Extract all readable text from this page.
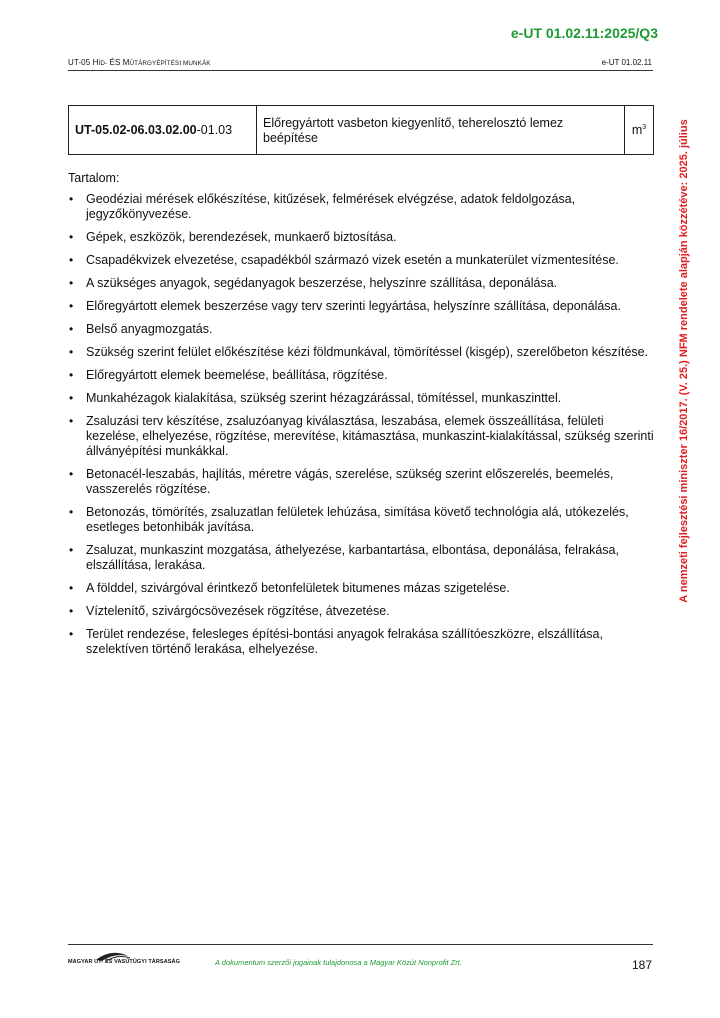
e-UT 01.02.11:2025/Q3
UT-05 HÍD- ÉS MŰTÁRGYÉPÍTÉSI MUNKÁK	e-UT 01.02.11
UT-05.02-06.03.02.00-01.03	Előregyártott vasbeton kiegyenlítő, teherelosztó lemez beépítése	$m^3$
Tartalom:
• Geodéziai mérések előkészítése, kitűzések, felmérések elvégzése, adatok feldolgozása, jegyzőkönyvezése.
• Gépek, eszközök, berendezések, munkaerő biztosítása.
• Csapadékvizek elvezetése, csapadékból származó vizek esetén a munkaterület vízmentesítése.
• A szükséges anyagok, segédanyagok beszerzése, helyszínre szállítása, deponálása.
• Előregyártott elemek beszerzése vagy terv szerinti legyártása, helyszínre szállítása, deponálása.
• Belső anyagmozgatás.
• Szükség szerint felület előkészítése kézi földmunkával, tömörítéssel (kisgép), szerelőbeton készítése.
• Előregyártott elemek beemelése, beállítása, rögzítése.
• Munkahézagok kialakítása, szükség szerint hézagzárással, tömítéssel, munkaszinttel.
• Zsaluzási terv készítése, zsaluzóanyag kiválasztása, leszabása, elemek összeállítása, felületi kezelése, elhelyezése, rögzítése, merevítése, kitámasztása, munkaszint-kialakítással, szükség szerinti állványépítési munkákkal.
• Betonacél-leszabás, hajlítás, méretre vágás, szerelése, szükség szerint előszerelés, beemelés, vasszerelés rögzítése.
• Betonozás, tömörítés, zsaluzatlan felületek lehúzása, simítása követő technológia alá, utókezelés, esetleges betonhibák javítása.
• Zsaluzat, munkaszint mozgatása, áthelyezése, karbantartása, elbontása, deponálása, felrakása, elszállítása, lerakása.
• A földdel, szivárgóval érintkező betonfelületek bitumenes mázas szigetelése.
• Víztelenítő, szivárgócsövezések rögzítése, átvezetése.
• Terület rendezése, felesleges építési-bontási anyagok felrakása szállítóeszközre, elszállítása, szelektíven történő lerakása, elhelyezése.
A nemzeti fejlesztési miniszter 16/2017. (V. 25.) NFM rendelete alapján közzétéve: 2025. július
MAGYAR UT- ÉS VASÚTÜGYI TÁRSASÁG	A dokumentum szerzői jogainak tulajdonosa a Magyar Közút Nonprofit Zrt.	187
